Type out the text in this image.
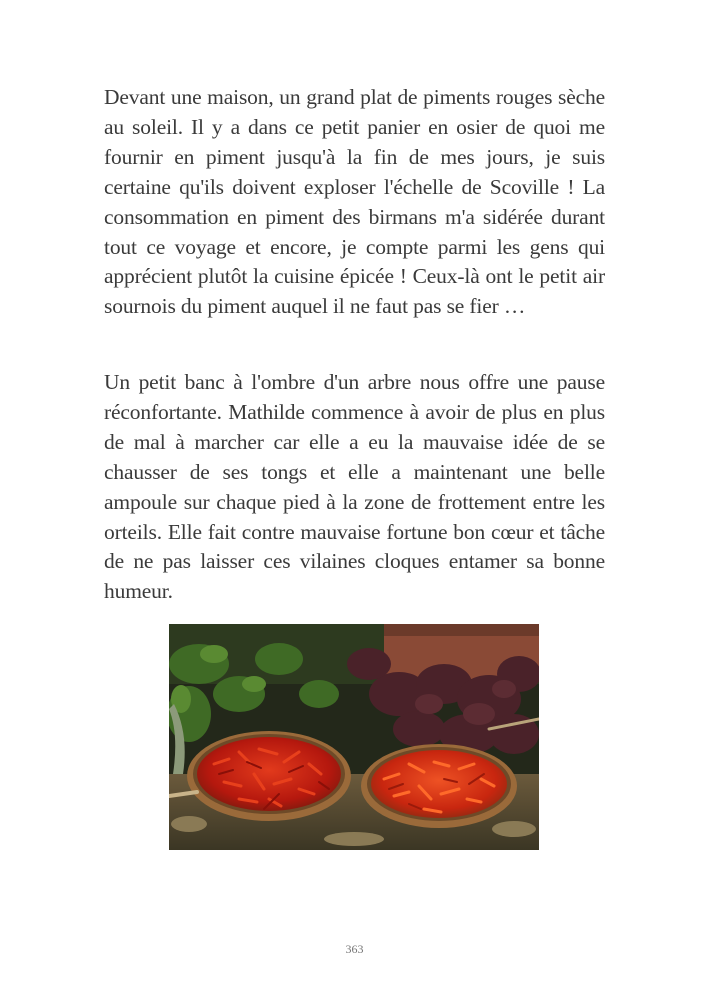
Devant une maison, un grand plat de piments rouges sèche au soleil. Il y a dans ce petit panier en osier de quoi me fournir en piment jusqu'à la fin de mes jours, je suis certaine qu'ils doivent exploser l'échelle de Scoville ! La consommation en piment des birmans m'a sidérée durant tout ce voyage et encore, je compte parmi les gens qui apprécient plutôt la cuisine épicée ! Ceux-là ont le petit air sournois du piment auquel il ne faut pas se fier …

Un petit banc à l'ombre d'un arbre nous offre une pause réconfortante. Mathilde commence à avoir de plus en plus de mal à marcher car elle a eu la mauvaise idée de se chausser de ses tongs et elle a maintenant une belle ampoule sur chaque pied à la zone de frottement entre les orteils. Elle fait contre mauvaise fortune bon cœur et tâche de ne pas laisser ces vilaines cloques entamer sa bonne humeur.

363
